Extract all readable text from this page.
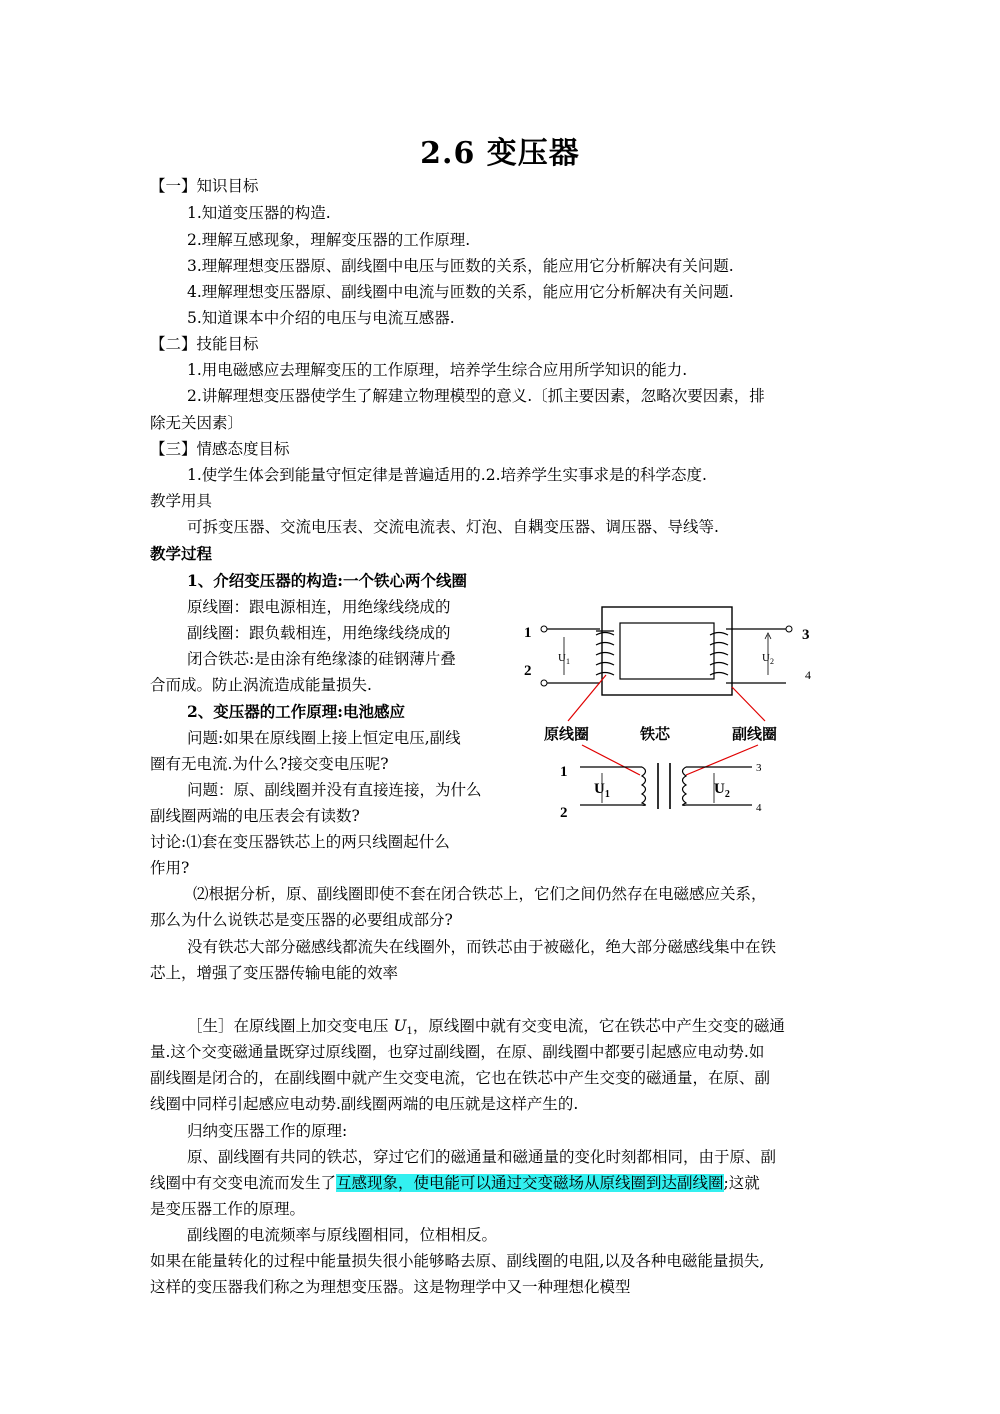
2.6 变压器
【一】知识目标
1.知道变压器的构造.
2.理解互感现象，理解变压器的工作原理.
3.理解理想变压器原、副线圈中电压与匝数的关系，能应用它分析解决有关问题.
4.理解理想变压器原、副线圈中电流与匝数的关系，能应用它分析解决有关问题.
5.知道课本中介绍的电压与电流互感器.
【二】技能目标
1.用电磁感应去理解变压的工作原理，培养学生综合应用所学知识的能力.
2.讲解理想变压器使学生了解建立物理模型的意义.〔抓主要因素，忽略次要因素，排
除无关因素〕
【三】情感态度目标
1.使学生体会到能量守恒定律是普遍适用的.2.培养学生实事求是的科学态度.
教学用具
可拆变压器、交流电压表、交流电流表、灯泡、自耦变压器、调压器、导线等.
教学过程
1、介绍变压器的构造:一个铁心两个线圈
原线圈：跟电源相连，用绝缘线绕成的
副线圈：跟负载相连，用绝缘线绕成的
闭合铁芯:是由涂有绝缘漆的硅钢薄片叠
合而成。防止涡流造成能量损失.
2、变压器的工作原理:电池感应
问题:如果在原线圈上接上恒定电压,副线
圈有无电流.为什么?接交变电压呢?
问题：原、副线圈并没有直接连接，为什么
副线圈两端的电压表会有读数?
讨论:⑴套在变压器铁芯上的两只线圈起什么
作用?
⑵根据分析，原、副线圈即使不套在闭合铁芯上，它们之间仍然存在电磁感应关系，
那么为什么说铁芯是变压器的必要组成部分?
没有铁芯大部分磁感线都流失在线圈外，而铁芯由于被磁化，绝大部分磁感线集中在铁
芯上，增强了变压器传输电能的效率
［生］在原线圈上加交变电压 $U_1$，原线圈中就有交变电流，它在铁芯中产生交变的磁通
量.这个交变磁通量既穿过原线圈，也穿过副线圈，在原、副线圈中都要引起感应电动势.如
副线圈是闭合的，在副线圈中就产生交变电流，它也在铁芯中产生交变的磁通量，在原、副
线圈中同样引起感应电动势.副线圈两端的电压就是这样产生的.
归纳变压器工作的原理:
原、副线圈有共同的铁芯，穿过它们的磁通量和磁通量的变化时刻都相同，由于原、副
线圈中有交变电流而发生了互感现象，使电能可以通过交变磁场从原线圈到达副线圈;这就
是变压器工作的原理。
副线圈的电流频率与原线圈相同，位相相反。
如果在能量转化的过程中能量损失很小能够略去原、副线圈的电阻,以及各种电磁能量损失,
这样的变压器我们称之为理想变压器。这是物理学中又一种理想化模型
1
2
3
4
$U_1$	$U_2$
原线圈	铁芯	副线圈
1
2
3
4
$U_1$	$U_2$
